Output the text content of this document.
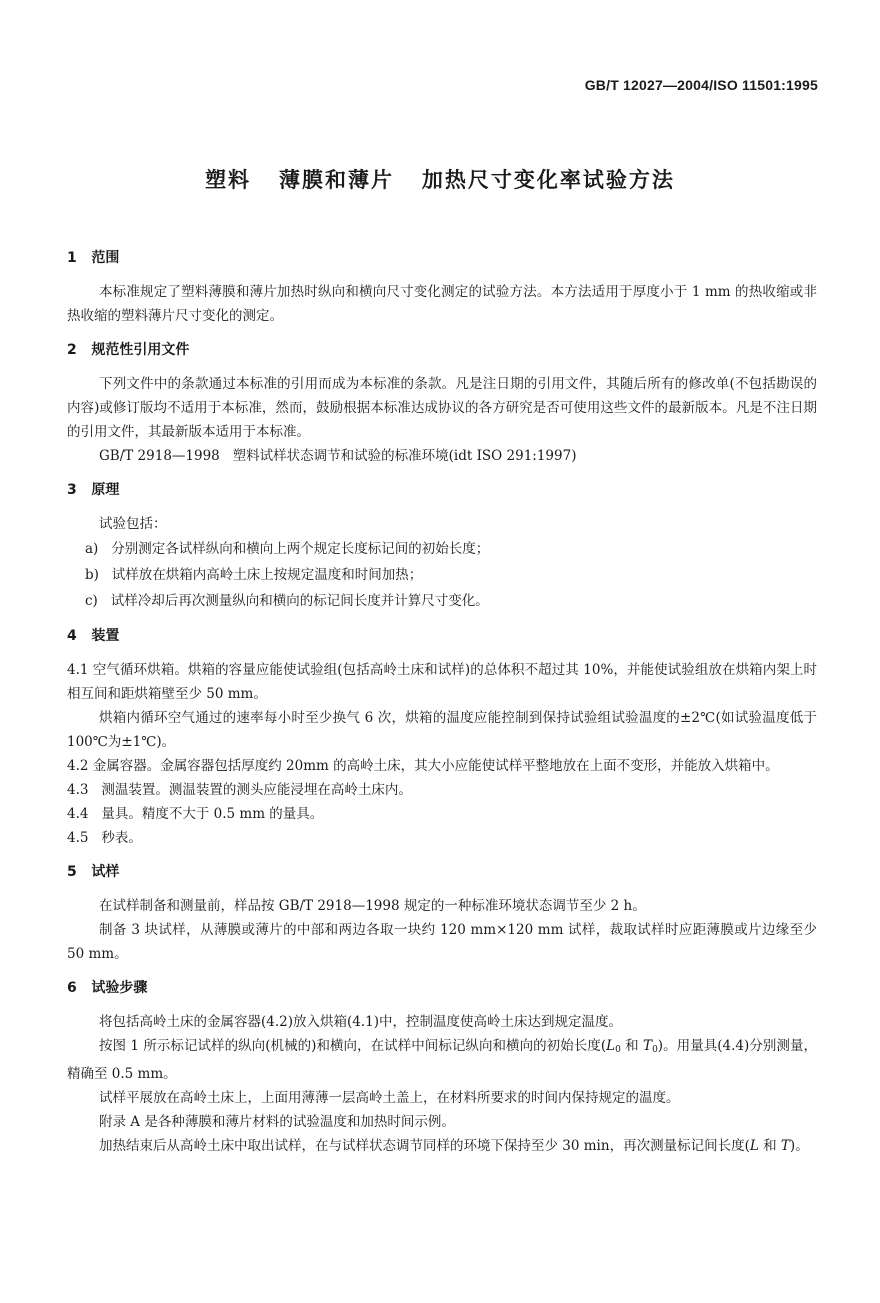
GB/T 12027—2004/ISO 11501:1995
塑料   薄膜和薄片   加热尺寸变化率试验方法
1   范围

本标准规定了塑料薄膜和薄片加热时纵向和横向尺寸变化测定的试验方法。本方法适用于厚度小于 1 mm 的热收缩或非热收缩的塑料薄片尺寸变化的测定。

2   规范性引用文件

下列文件中的条款通过本标准的引用而成为本标准的条款。凡是注日期的引用文件，其随后所有的修改单(不包括勘误的内容)或修订版均不适用于本标准，然而，鼓励根据本标准达成协议的各方研究是否可使用这些文件的最新版本。凡是不注日期的引用文件，其最新版本适用于本标准。

GB/T 2918—1998   塑料试样状态调节和试验的标准环境(idt ISO 291:1997)

3   原理

试验包括：

a)   分别测定各试样纵向和横向上两个规定长度标记间的初始长度；

b)   试样放在烘箱内高岭土床上按规定温度和时间加热；

c)   试样冷却后再次测量纵向和横向的标记间长度并计算尺寸变化。

4   装置

4.1 空气循环烘箱。烘箱的容量应能使试验组(包括高岭土床和试样)的总体积不超过其 10%，并能使试验组放在烘箱内架上时相互间和距烘箱壁至少 50 mm。

烘箱内循环空气通过的速率每小时至少换气 6 次，烘箱的温度应能控制到保持试验组试验温度的±2℃(如试验温度低于 100℃为±1℃)。

4.2 金属容器。金属容器包括厚度约 20mm 的高岭土床，其大小应能使试样平整地放在上面不变形，并能放入烘箱中。

4.3   测温装置。测温装置的测头应能浸埋在高岭土床内。

4.4   量具。精度不大于 0.5 mm 的量具。

4.5   秒表。

5   试样

在试样制备和测量前，样品按 GB/T 2918—1998 规定的一种标准环境状态调节至少 2 h。

制备 3 块试样，从薄膜或薄片的中部和两边各取一块约 120 mm×120 mm 试样，裁取试样时应距薄膜或片边缘至少 50 mm。

6   试验步骤

将包括高岭土床的金属容器(4.2)放入烘箱(4.1)中，控制温度使高岭土床达到规定温度。

按图 1 所示标记试样的纵向(机械的)和横向，在试样中间标记纵向和横向的初始长度($L_0$ 和 $T_0$)。用量具(4.4)分别测量，精确至 0.5 mm。

试样平展放在高岭土床上，上面用薄薄一层高岭土盖上，在材料所要求的时间内保持规定的温度。

附录 A 是各种薄膜和薄片材料的试验温度和加热时间示例。

加热结束后从高岭土床中取出试样，在与试样状态调节同样的环境下保持至少 30 min，再次测量标记间长度(L 和 T)。
